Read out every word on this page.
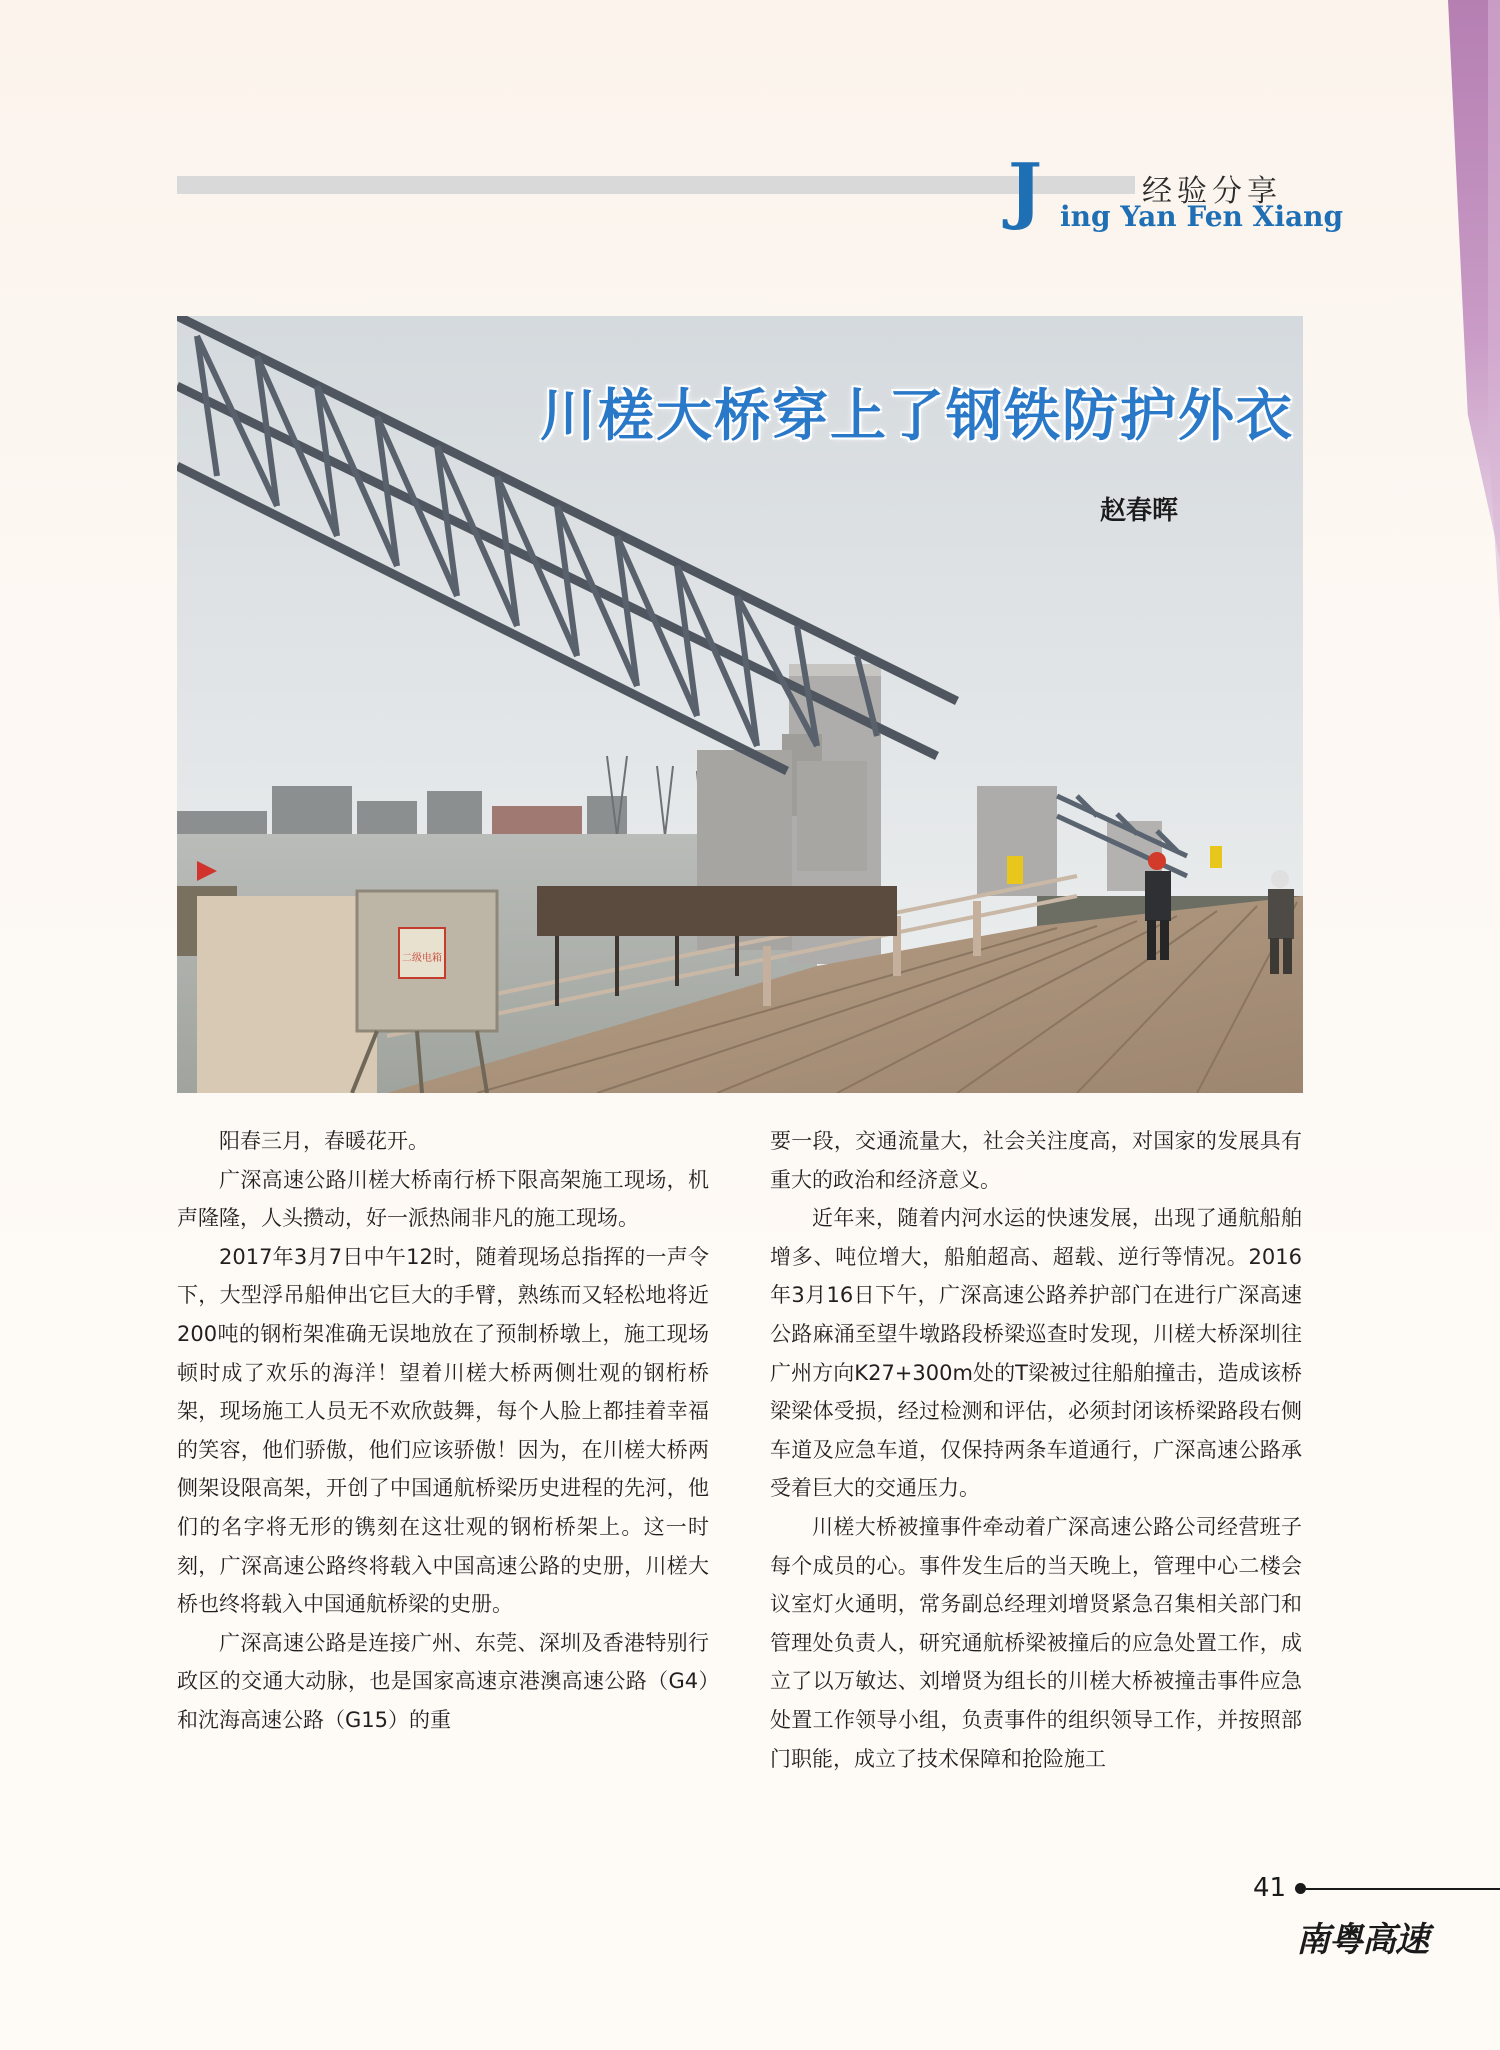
经验分享
J ing Yan Fen Xiang
二级电箱
川槎大桥穿上了钢铁防护外衣
赵春晖

阳春三月，春暖花开。

广深高速公路川槎大桥南行桥下限高架施工现场，机声隆隆，人头攒动，好一派热闹非凡的施工现场。

2017年3月7日中午12时，随着现场总指挥的一声令下，大型浮吊船伸出它巨大的手臂，熟练而又轻松地将近200吨的钢桁架准确无误地放在了预制桥墩上，施工现场顿时成了欢乐的海洋！望着川槎大桥两侧壮观的钢桁桥架，现场施工人员无不欢欣鼓舞，每个人脸上都挂着幸福的笑容，他们骄傲，他们应该骄傲！因为，在川槎大桥两侧架设限高架，开创了中国通航桥梁历史进程的先河，他们的名字将无形的镌刻在这壮观的钢桁桥架上。这一时刻，广深高速公路终将载入中国高速公路的史册，川槎大桥也终将载入中国通航桥梁的史册。

广深高速公路是连接广州、东莞、深圳及香港特别行政区的交通大动脉，也是国家高速京港澳高速公路（G4）和沈海高速公路（G15）的重

要一段，交通流量大，社会关注度高，对国家的发展具有重大的政治和经济意义。

近年来，随着内河水运的快速发展，出现了通航船舶增多、吨位增大，船舶超高、超载、逆行等情况。2016年3月16日下午，广深高速公路养护部门在进行广深高速公路麻涌至望牛墩路段桥梁巡查时发现，川槎大桥深圳往广州方向K27+300m处的T梁被过往船舶撞击，造成该桥梁梁体受损，经过检测和评估，必须封闭该桥梁路段右侧车道及应急车道，仅保持两条车道通行，广深高速公路承受着巨大的交通压力。

川槎大桥被撞事件牵动着广深高速公路公司经营班子每个成员的心。事件发生后的当天晚上，管理中心二楼会议室灯火通明，常务副总经理刘增贤紧急召集相关部门和管理处负责人，研究通航桥梁被撞后的应急处置工作，成立了以万敏达、刘增贤为组长的川槎大桥被撞击事件应急处置工作领导小组，负责事件的组织领导工作，并按照部门职能，成立了技术保障和抢险施工

41
南粤高速
